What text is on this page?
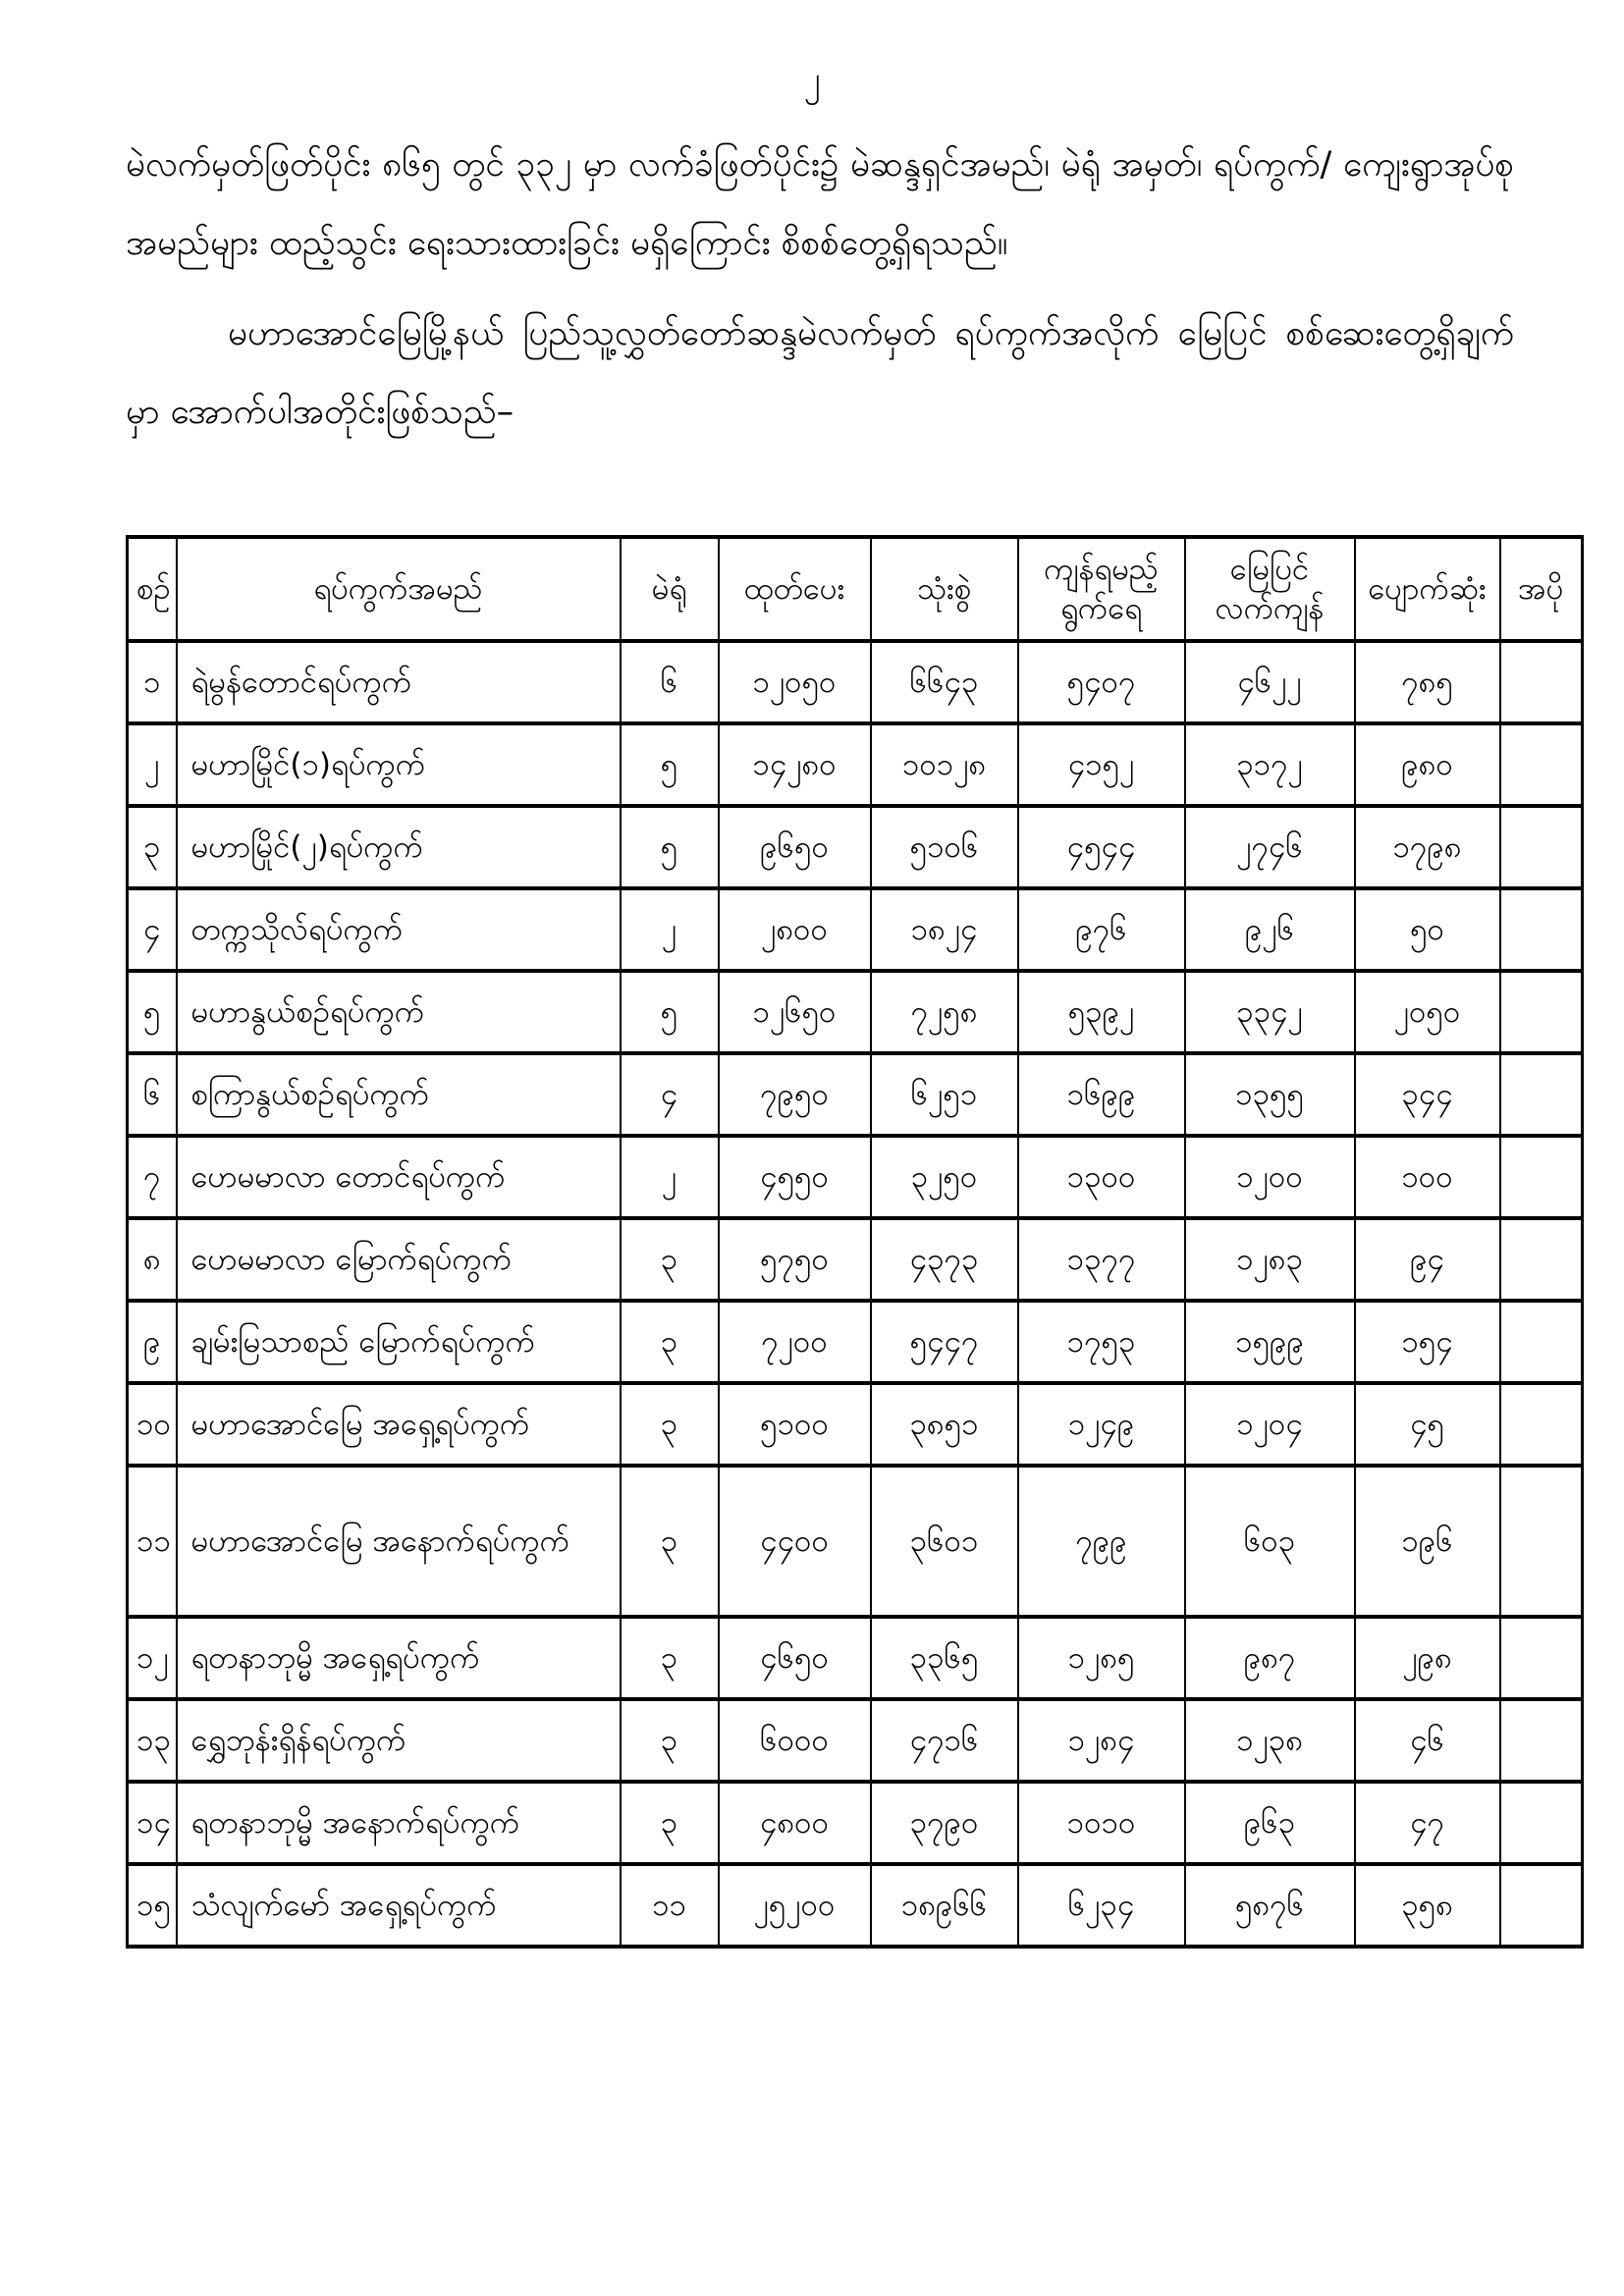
၂

မဲလက်မှတ်ဖြတ်ပိုင်း ၈၆၅ တွင် ၃၃၂ မှာ လက်ခံဖြတ်ပိုင်း၌ မဲဆန္ဒရှင်အမည်၊ မဲရုံ အမှတ်၊ ရပ်ကွက်/ ကျေးရွာအုပ်စုအမည်များ ထည့်သွင်း ရေးသားထားခြင်း မရှိကြောင်း စိစစ်တွေ့ရှိရသည်။

မဟာအောင်မြေမြို့နယ် ပြည်သူ့လွှတ်တော်ဆန္ဒမဲလက်မှတ် ရပ်ကွက်အလိုက် မြေပြင် စစ်ဆေးတွေ့ရှိချက်မှာ အောက်ပါအတိုင်းဖြစ်သည်–

စဉ်	ရပ်ကွက်အမည်	မဲရုံ	ထုတ်ပေး	သုံးစွဲ	ကျန်ရမည့် ရွက်ရေ	မြေပြင် လက်ကျန်	ပျောက်ဆုံး	အပို
၁	ရဲမွန်တောင်ရပ်ကွက်	၆	၁၂၀၅၀	၆၆၄၃	၅၄၀၇	၄၆၂၂	၇၈၅	
၂	မဟာမြိုင်(၁)ရပ်ကွက်	၅	၁၄၂၈၀	၁၀၁၂၈	၄၁၅၂	၃၁၇၂	၉၈၀	
၃	မဟာမြိုင်(၂)ရပ်ကွက်	၅	၉၆၅၀	၅၁၀၆	၄၅၄၄	၂၇၄၆	၁၇၉၈	
၄	တက္ကသိုလ်ရပ်ကွက်	၂	၂၈၀၀	၁၈၂၄	၉၇၆	၉၂၆	၅၀	
၅	မဟာနွယ်စဉ်ရပ်ကွက်	၅	၁၂၆၅၀	၇၂၅၈	၅၃၉၂	၃၃၄၂	၂၀၅၀	
၆	စကြာနွယ်စဉ်ရပ်ကွက်	၄	၇၉၅၀	၆၂၅၁	၁၆၉၉	၁၃၅၅	၃၄၄	
၇	ဟေမမာလာ တောင်ရပ်ကွက်	၂	၄၅၅၀	၃၂၅၀	၁၃၀၀	၁၂၀၀	၁၀၀	
၈	ဟေမမာလာ မြောက်ရပ်ကွက်	၃	၅၇၅၀	၄၃၇၃	၁၃၇၇	၁၂၈၃	၉၄	
၉	ချမ်းမြသာစည် မြောက်ရပ်ကွက်	၃	၇၂၀၀	၅၄၄၇	၁၇၅၃	၁၅၉၉	၁၅၄	
၁၀	မဟာအောင်မြေ အရှေ့ရပ်ကွက်	၃	၅၁၀၀	၃၈၅၁	၁၂၄၉	၁၂၀၄	၄၅	
၁၁	မဟာအောင်မြေ အနောက်ရပ်ကွက်	၃	၄၄၀၀	၃၆၀၁	၇၉၉	၆၀၃	၁၉၆	
၁၂	ရတနာဘုမ္မိ အရှေ့ရပ်ကွက်	၃	၄၆၅၀	၃၃၆၅	၁၂၈၅	၉၈၇	၂၉၈	
၁၃	ရွှေဘုန်းရှိန်ရပ်ကွက်	၃	၆၀၀၀	၄၇၁၆	၁၂၈၄	၁၂၃၈	၄၆	
၁၄	ရတနာဘုမ္မိ အနောက်ရပ်ကွက်	၃	၄၈၀၀	၃၇၉၀	၁၀၁၀	၉၆၃	၄၇	
၁၅	သံလျက်မော် အရှေ့ရပ်ကွက်	၁၁	၂၅၂၀၀	၁၈၉၆၆	၆၂၃၄	၅၈၇၆	၃၅၈	
